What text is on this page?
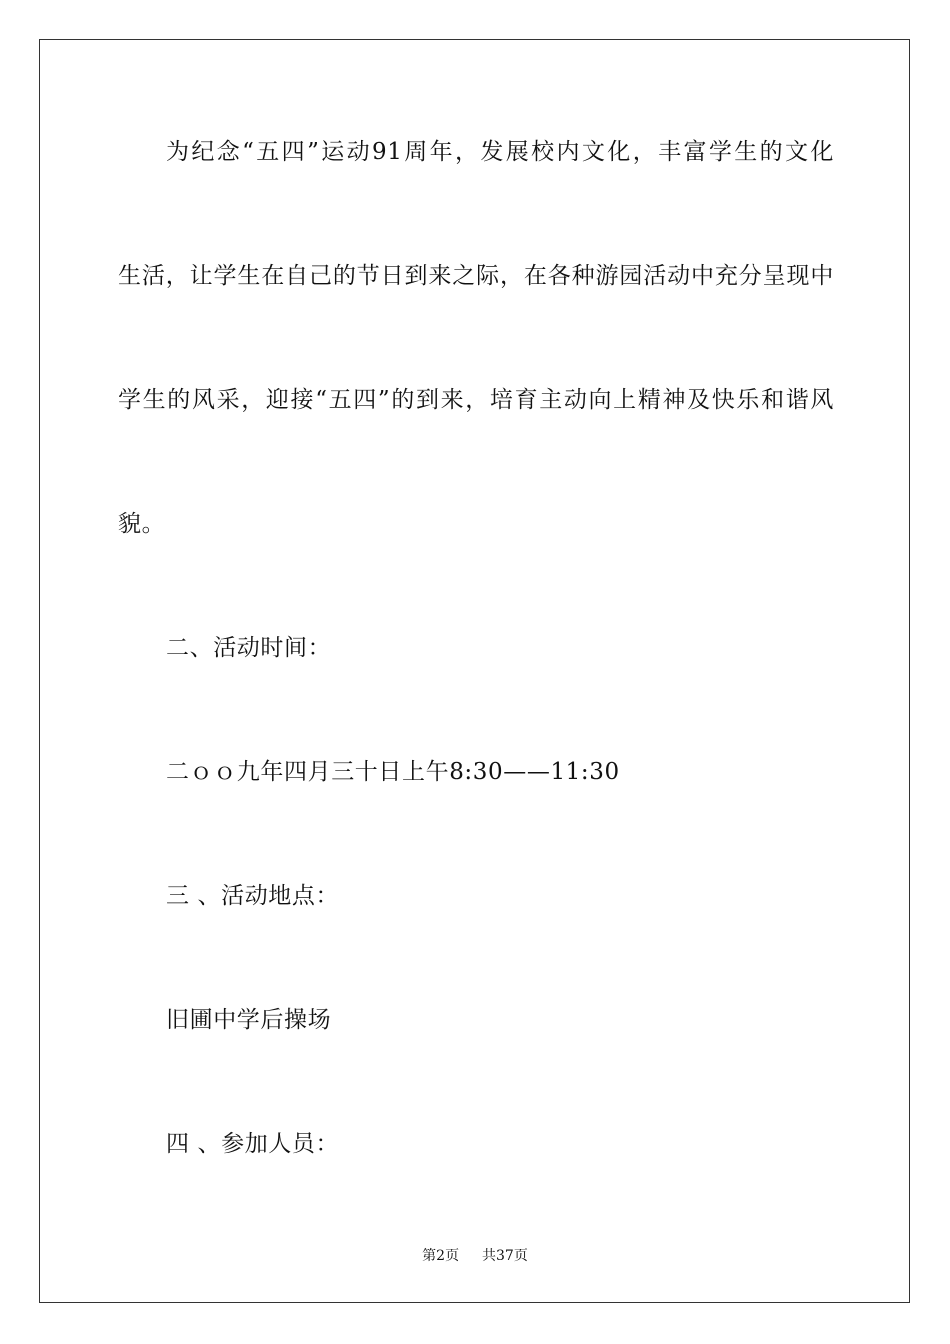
为纪念“五四”运动91周年，发展校内文化，丰富学生的文化
生活，让学生在自己的节日到来之际，在各种游园活动中充分呈现中
学生的风采，迎接“五四”的到来，培育主动向上精神及快乐和谐风
貌。
二、活动时间：
二ｏｏ九年四月三十日上午8:30——11:30
三 、活动地点：
旧圃中学后操场
四 、参加人员：
第2页 共37页
